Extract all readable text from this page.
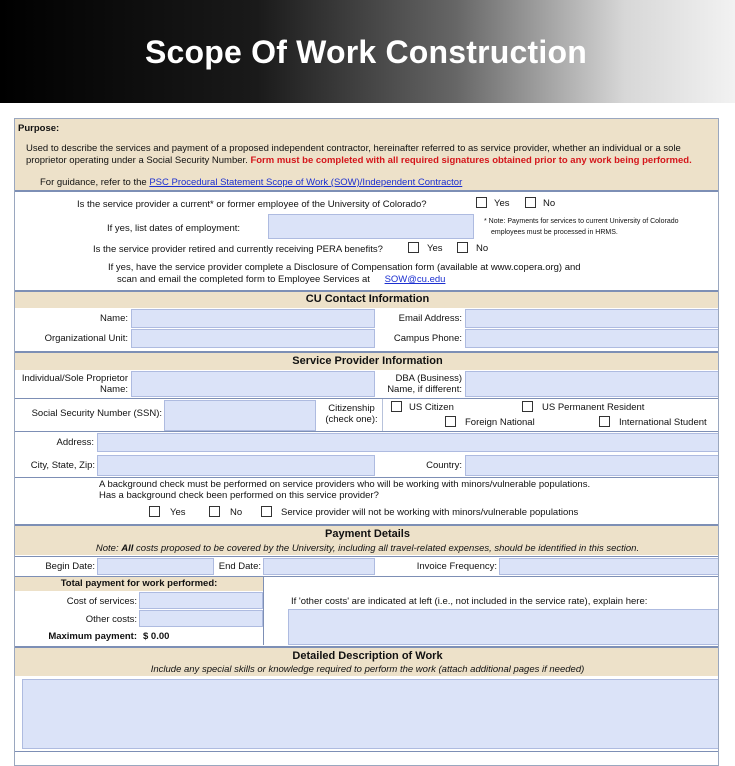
Scope Of Work Construction
Purpose:
Used to describe the services and payment of a proposed independent contractor, hereinafter referred to as service provider, whether an individual or a sole
proprietor operating under a Social Security Number. Form must be completed with all required signatures obtained prior to any work being performed.
For guidance, refer to the PSC Procedural Statement Scope of Work (SOW)/Independent Contractor
Is the service provider a current* or former employee of the University of Colorado?	Yes	No
If yes, list dates of employment:
* Note: Payments for services to current University of Colorado
employees must be processed in HRMS.
Is the service provider retired and currently receiving PERA benefits?	Yes	No
If yes, have the service provider complete a Disclosure of Compensation form (available at www.copera.org) and
scan and email the completed form to Employee Services at SOW@cu.edu
CU Contact Information
Name:	Email Address:
Organizational Unit:	Campus Phone:
Service Provider Information
Individual/Sole Proprietor
Name:
DBA (Business)
Name, if different:
Social Security Number (SSN):	Citizenship
(check one):
US Citizen	US Permanent Resident
Foreign National	International Student
Address:
City, State, Zip:	Country:
A background check must be performed on service providers who will be working with minors/vulnerable populations.
Has a background check been performed on this service provider?
Yes	No	Service provider will not be working with minors/vulnerable populations
Payment Details
Note: All costs proposed to be covered by the University, including all travel-related expenses, should be identified in this section.
Begin Date:	End Date:	Invoice Frequency:
Total payment for work performed:
Cost of services:
Other costs:
Maximum payment: $ 0.00
If 'other costs' are indicated at left (i.e., not included in the service rate), explain here:
Detailed Description of Work
Include any special skills or knowledge required to perform the work (attach additional pages if needed)
